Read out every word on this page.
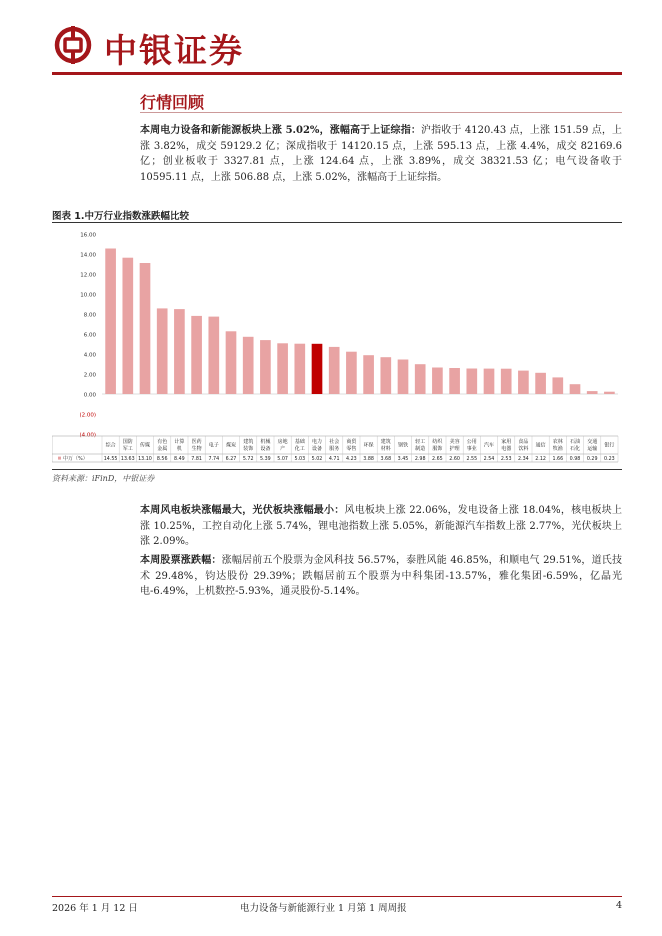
中银证券
行情回顾
本周电力设备和新能源板块上涨 5.02%，涨幅高于上证综指：沪指收于 4120.43 点，上涨 151.59 点，上涨 3.82%，成交 59129.2 亿；深成指收于 14120.15 点，上涨 595.13 点，上涨 4.4%，成交 82169.6 亿；创业板收于 3327.81 点，上涨 124.64 点，上涨 3.89%，成交 38321.53 亿；电气设备收于 10595.11 点，上涨 506.88 点，上涨 5.02%，涨幅高于上证综指。
图表 1.中万行业指数涨跌幅比较
16.00
14.00
12.00
10.00
8.00
6.00
4.00
2.00
0.00
(2.00)
(4.00)
中万（%）
综合
14.55
国防
军工
13.63
传媒
13.10
有色
金属
8.56
计算
机
8.49
医药
生物
7.81
电子
7.74
煤炭
6.27
建筑
装饰
5.72
机械
设备
5.39
房地
产
5.07
基础
化工
5.03
电力
设备
5.02
社会
服务
4.71
商贸
零售
4.23
环保
3.88
建筑
材料
3.68
钢铁
3.45
轻工
制造
2.98
纺织
服饰
2.65
美容
护理
2.60
公用
事业
2.55
汽车
2.54
家用
电器
2.53
食品
饮料
2.34
通信
2.12
农林
牧渔
1.66
石油
石化
0.98
交通
运输
0.29
银行
0.23
资料来源：iFinD，中银证券
本周风电板块涨幅最大，光伏板块涨幅最小：风电板块上涨 22.06%，发电设备上涨 18.04%，核电板块上涨 10.25%，工控自动化上涨 5.74%，锂电池指数上涨 5.05%，新能源汽车指数上涨 2.77%，光伏板块上涨 2.09%。
本周股票涨跌幅：涨幅居前五个股票为金风科技 56.57%，泰胜风能 46.85%，和顺电气 29.51%，道氏技术 29.48%，钧达股份 29.39%；跌幅居前五个股票为中科集团-13.57%，雅化集团-6.59%，亿晶光电-6.49%，上机数控-5.93%，通灵股份-5.14%。
2026 年 1 月 12 日	电力设备与新能源行业 1 月第 1 周周报	4
